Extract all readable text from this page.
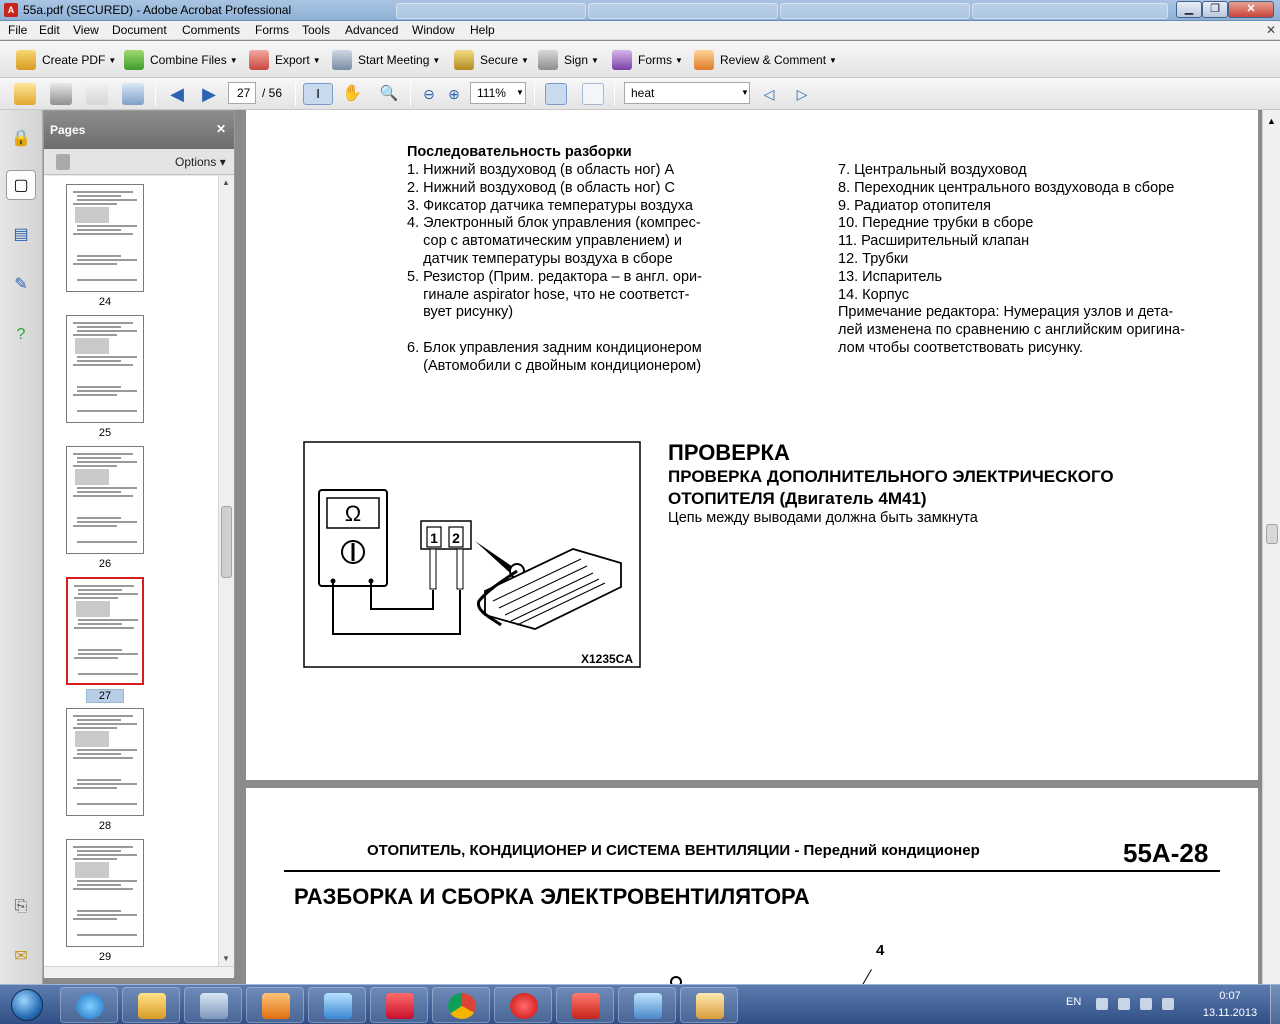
A 55a.pdf (SECURED) - Adobe Acrobat Professional	▁	❐	✕
File Edit View Document Comments Forms Tools Advanced Window Help	✕
Create PDF ▼	Combine Files ▼	Export ▼	Start Meeting ▼	Secure ▼	Sign ▼	Forms ▼	Review & Comment ▼
◀ ▶	27 / 56	I	✋ 🔍	⊖ ⊕	111%	▼	heat	▼	◁	▷
🔒
▢
▤
✎
?
⎘
✉
Pages	✕
Options ▾
24
25
26
27
28
29
▲
▼
Последовательность разборки
1. Нижний воздуховод (в область ног) A
2. Нижний воздуховод (в область ног) C
3. Фиксатор датчика температуры воздуха
4. Электронный блок управления (компрес-
сор с автоматическим управлением) и
датчик температуры воздуха в сборе
5. Резистор (Прим. редактора – в англ. ори-
гинале aspirator hose, что не соответст-
вует рисунку)

6. Блок управления задним кондиционером
(Автомобили с двойным кондиционером)
7. Центральный воздуховод
8. Переходник центрального воздуховода в сборе
9. Радиатор отопителя
10. Передние трубки в сборе
11. Расширительный клапан
12. Трубки
13. Испаритель
14. Корпус
Примечание редактора: Нумерация узлов и дета-
лей изменена по сравнению с английским оригина-
лом чтобы соответствовать рисунку.
Ω
1 2
X1235CA
ПРОВЕРКА
ПРОВЕРКА ДОПОЛНИТЕЛЬНОГО ЭЛЕКТРИЧЕСКОГО
ОТОПИТЕЛЯ (Двигатель 4М41)
Цепь между выводами должна быть замкнута
ОТОПИТЕЛЬ, КОНДИЦИОНЕР И СИСТЕМА ВЕНТИЛЯЦИИ - Передний кондиционер	55A-28
РАЗБОРКА И СБОРКА ЭЛЕКТРОВЕНТИЛЯТОРА
4
▲
EN	0:07
13.11.2013
